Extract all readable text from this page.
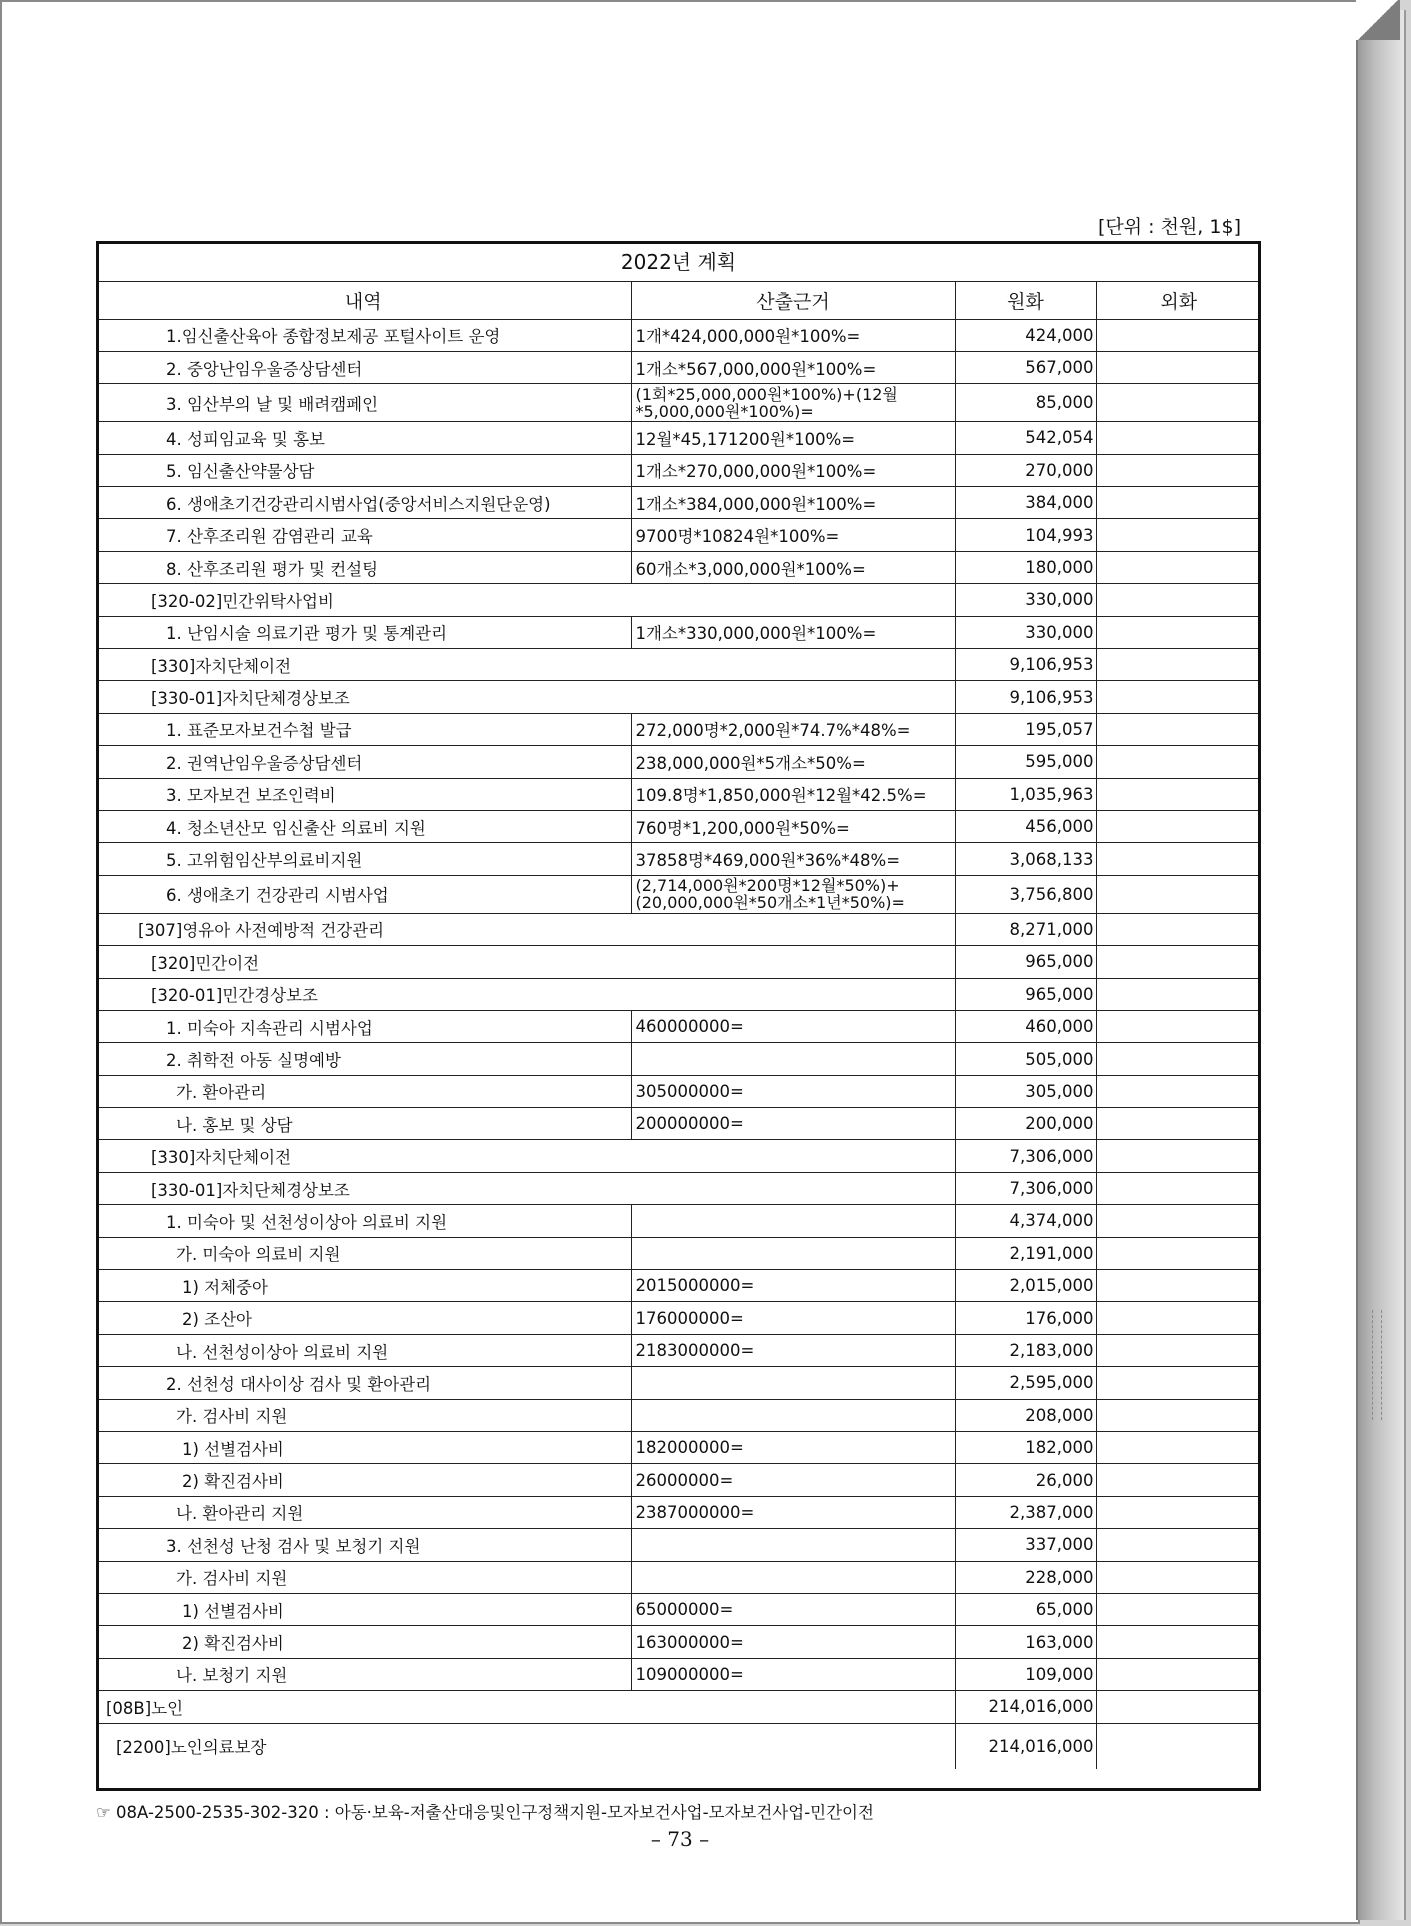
[단위 : 천원, 1$]
2022년 계획			
내역	산출근거	원화	외화
1.임신출산육아 종합정보제공 포털사이트 운영	1개*424,000,000원*100%=	424,000	
2. 중앙난임우울증상담센터	1개소*567,000,000원*100%=	567,000	
3. 임산부의 날 및 배려캠페인	(1회*25,000,000원*100%)+(12월*5,000,000원*100%)=	85,000	
4. 성피임교육 및 홍보	12월*45,171200원*100%=	542,054	
5. 임신출산약물상담	1개소*270,000,000원*100%=	270,000	
6. 생애초기건강관리시범사업(중앙서비스지원단운영)	1개소*384,000,000원*100%=	384,000	
7. 산후조리원 감염관리 교육	9700명*10824원*100%=	104,993	
8. 산후조리원 평가 및 컨설팅	60개소*3,000,000원*100%=	180,000	
[320-02]민간위탁사업비		330,000	
1. 난임시술 의료기관 평가 및 통계관리	1개소*330,000,000원*100%=	330,000	
[330]자치단체이전		9,106,953	
[330-01]자치단체경상보조		9,106,953	
1. 표준모자보건수첩 발급	272,000명*2,000원*74.7%*48%=	195,057	
2. 권역난임우울증상담센터	238,000,000원*5개소*50%=	595,000	
3. 모자보건 보조인력비	109.8명*1,850,000원*12월*42.5%=	1,035,963	
4. 청소년산모 임신출산 의료비 지원	760명*1,200,000원*50%=	456,000	
5. 고위험임산부의료비지원	37858명*469,000원*36%*48%=	3,068,133	
6. 생애초기 건강관리 시범사업	(2,714,000원*200명*12월*50%)+(20,000,000원*50개소*1년*50%)=	3,756,800	
[307]영유아 사전예방적 건강관리		8,271,000	
[320]민간이전		965,000	
[320-01]민간경상보조		965,000	
1. 미숙아 지속관리 시범사업	460000000=	460,000	
2. 취학전 아동 실명예방		505,000	
가. 환아관리	305000000=	305,000	
나. 홍보 및 상담	200000000=	200,000	
[330]자치단체이전		7,306,000	
[330-01]자치단체경상보조		7,306,000	
1. 미숙아 및 선천성이상아 의료비 지원		4,374,000	
가. 미숙아 의료비 지원		2,191,000	
1) 저체중아	2015000000=	2,015,000	
2) 조산아	176000000=	176,000	
나. 선천성이상아 의료비 지원	2183000000=	2,183,000	
2. 선천성 대사이상 검사 및 환아관리		2,595,000	
가. 검사비 지원		208,000	
1) 선별검사비	182000000=	182,000	
2) 확진검사비	26000000=	26,000	
나. 환아관리 지원	2387000000=	2,387,000	
3. 선천성 난청 검사 및 보청기 지원		337,000	
가. 검사비 지원		228,000	
1) 선별검사비	65000000=	65,000	
2) 확진검사비	163000000=	163,000	
나. 보청기 지원	109000000=	109,000	
[08B]노인		214,016,000	
[2200]노인의료보장		214,016,000	
☞ 08A-2500-2535-302-320 : 아동·보육-저출산대응및인구정책지원-모자보건사업-모자보건사업-민간이전
– 73 –
